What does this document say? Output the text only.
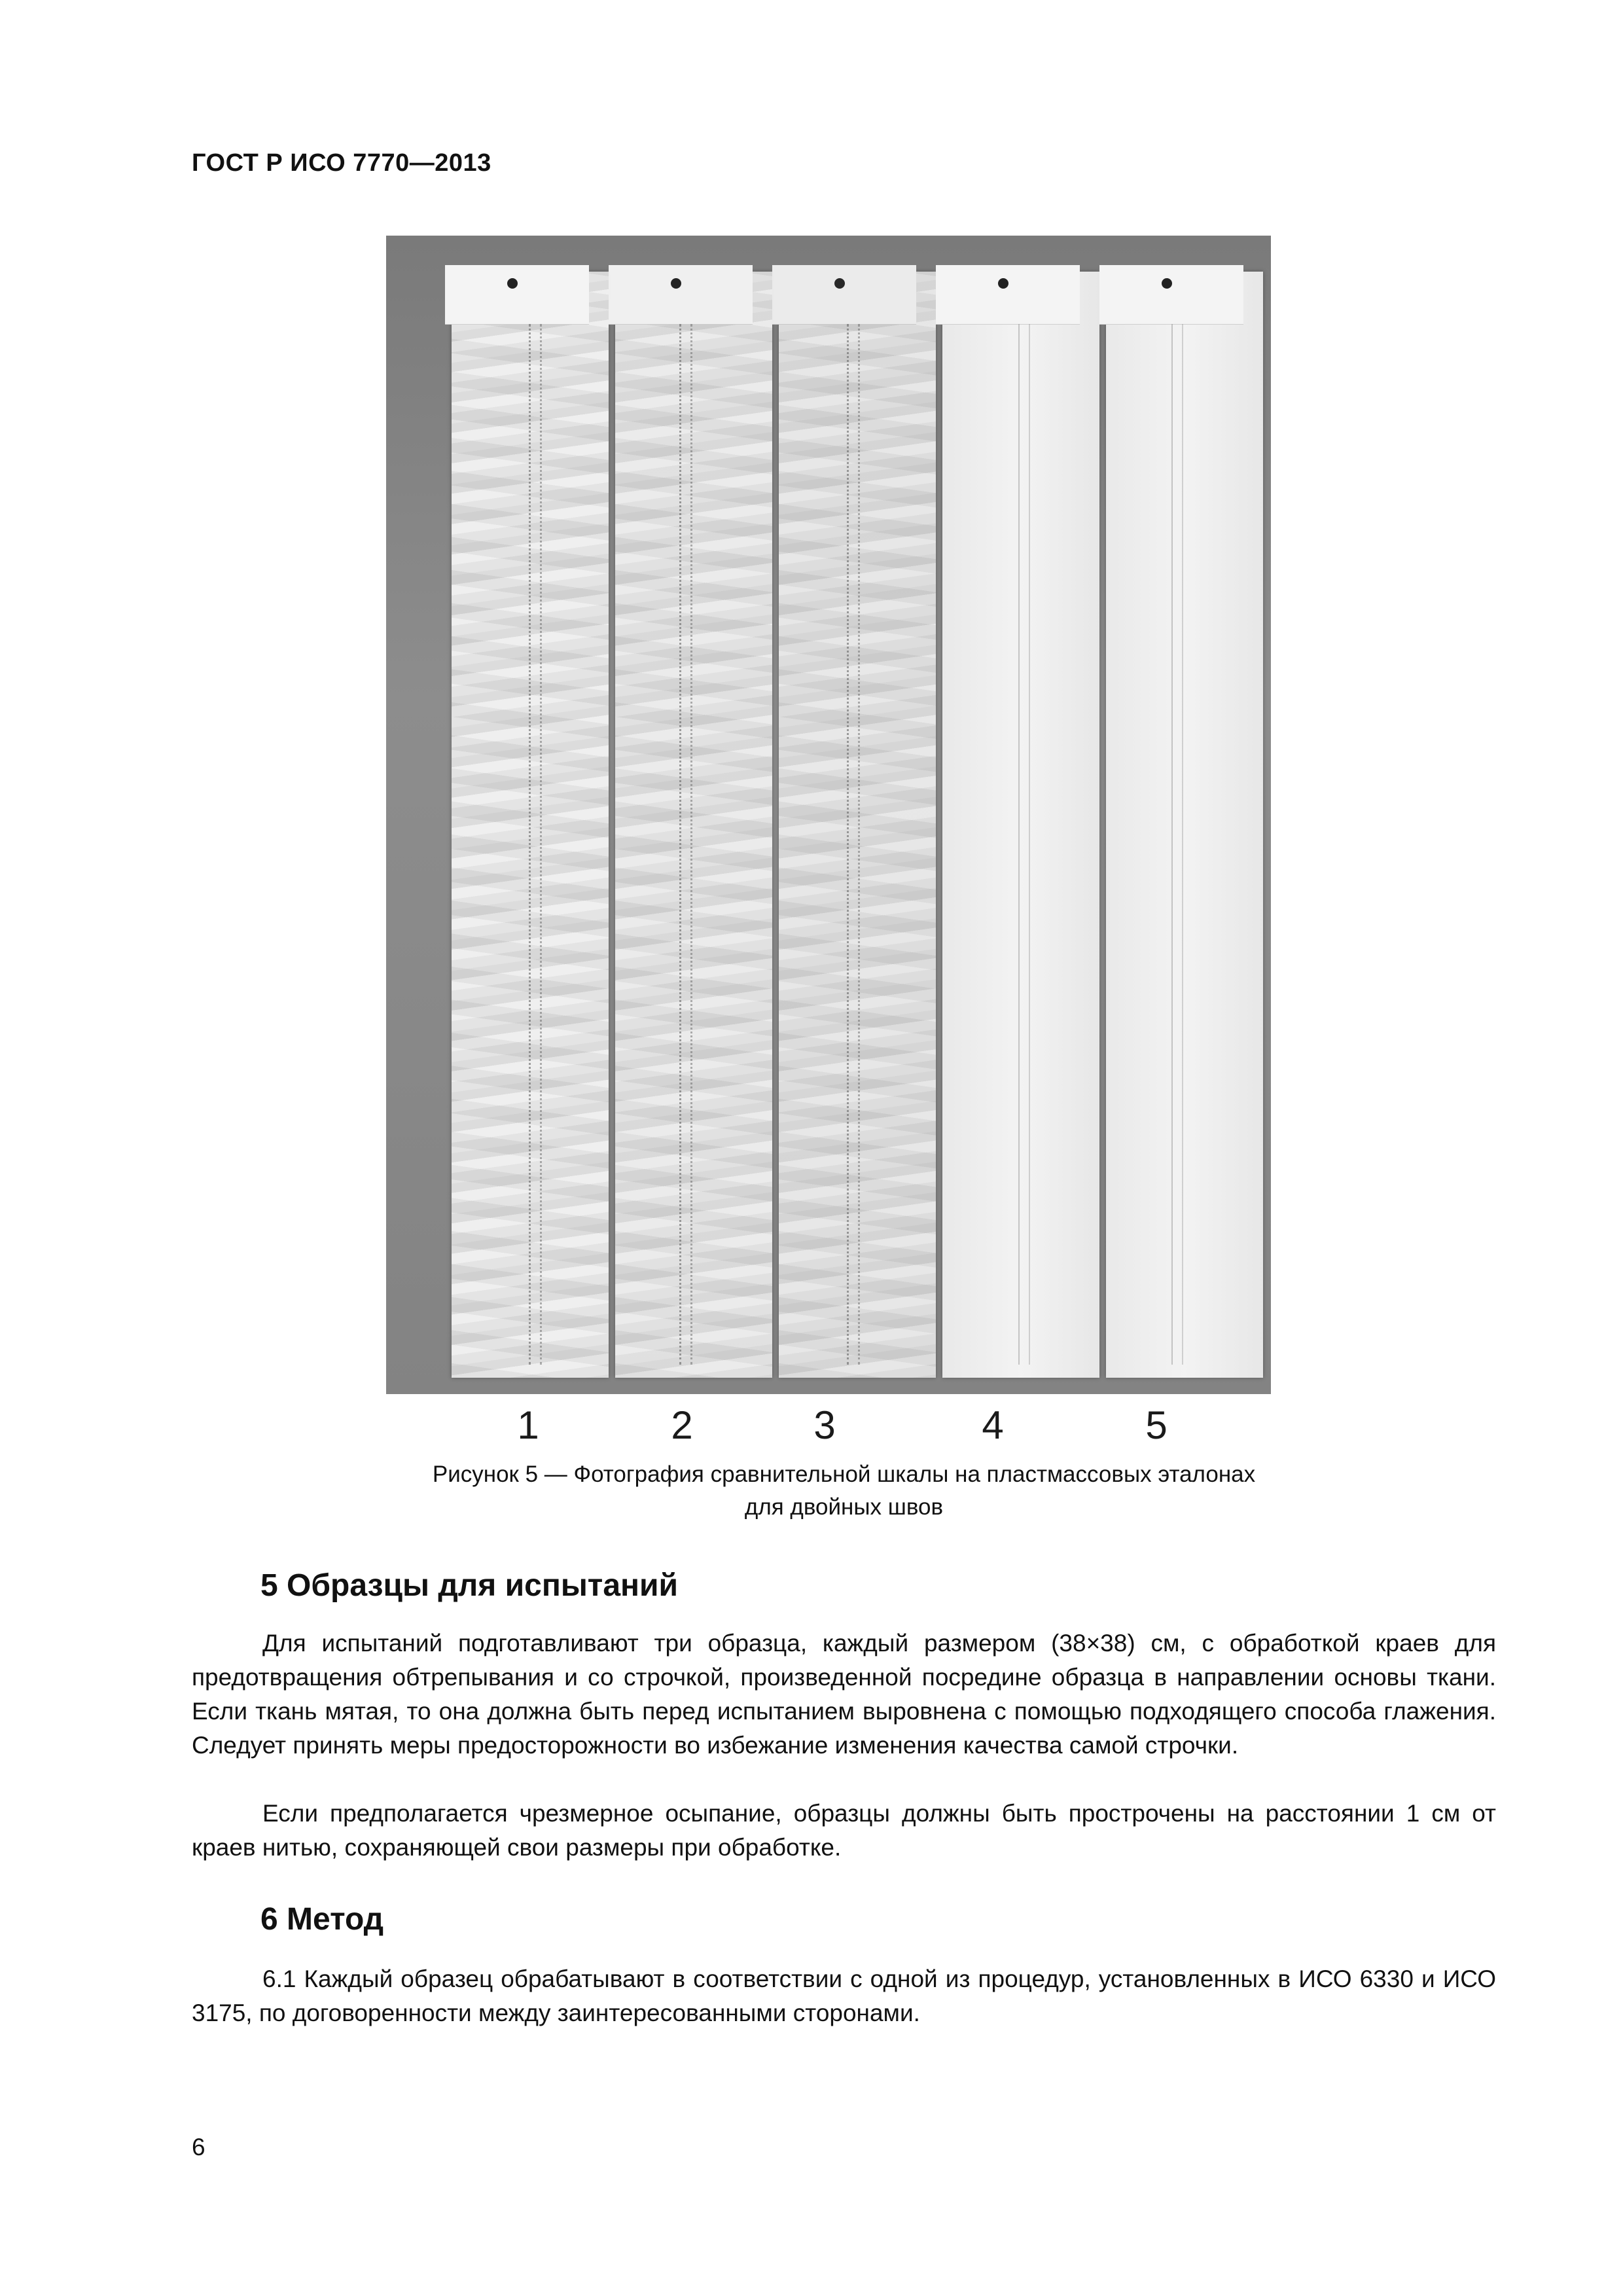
ГОСТ Р ИСО 7770—2013
1	2	3	4	5
Рисунок 5 — Фотография сравнительной шкалы на пластмассовых эталонах
для двойных швов
5 Образцы для испытаний

Для испытаний подготавливают три образца, каждый размером (38×38) см, с обработкой краев для предотвращения обтрепывания и со строчкой, произведенной посредине образца в направлении основы ткани. Если ткань мятая, то она должна быть перед испытанием выровнена с помощью подходящего способа глажения. Следует принять меры предосторожности во избежание изменения качества самой строчки.

Если предполагается чрезмерное осыпание, образцы должны быть прострочены на расстоянии 1 см от краев нитью, сохраняющей свои размеры при обработке.

6 Метод

6.1 Каждый образец обрабатывают в соответствии с одной из процедур, установленных в ИСО 6330 и ИСО 3175, по договоренности между заинтересованными сторонами.

6
